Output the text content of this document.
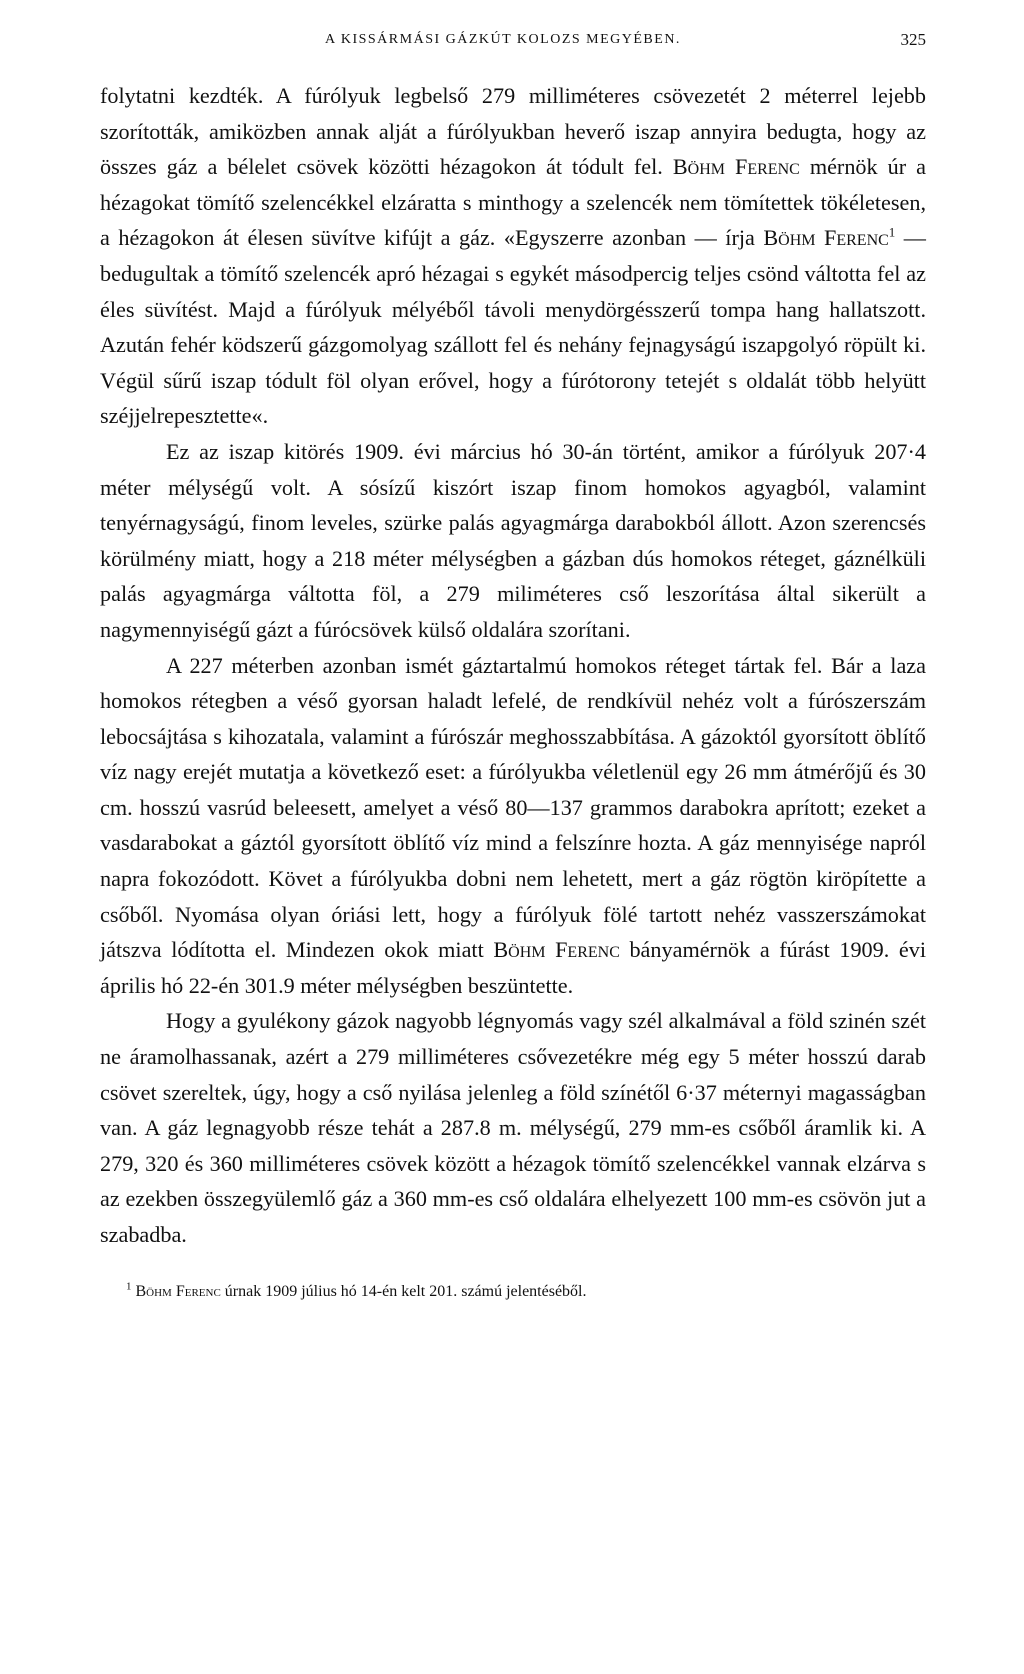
A KISSÁRMÁSI GÁZKÚT KOLOZS MEGYÉBEN.	325

folytatni kezdték. A fúrólyuk legbelső 279 milliméteres csövezetét 2 méterrel lejebb szorították, amiközben annak alját a fúrólyukban heverő iszap annyira bedugta, hogy az összes gáz a bélelet csövek közötti hézagokon át tódult fel. Böhm Ferenc mérnök úr a hézagokat tömítő szelencékkel elzáratta s minthogy a szelencék nem tömítettek tökéletesen, a hézagokon át élesen süvítve kifújt a gáz. «Egyszerre azonban — írja Böhm Ferenc$^1$ — bedugultak a tömítő szelencék apró hézagai s egykét másodpercig teljes csönd váltotta fel az éles süvítést. Majd a fúrólyuk mélyéből távoli menydörgésszerű tompa hang hallatszott. Azután fehér ködszerű gázgomolyag szállott fel és nehány fejnagyságú iszapgolyó röpült ki. Végül sűrű iszap tódult föl olyan erővel, hogy a fúrótorony tetejét s oldalát több helyütt széjjelrepesztette«.

Ez az iszap kitörés 1909. évi március hó 30-án történt, amikor a fúrólyuk 207·4 méter mélységű volt. A sósízű kiszórt iszap finom homokos agyagból, valamint tenyérnagyságú, finom leveles, szürke palás agyagmárga darabokból állott. Azon szerencsés körülmény miatt, hogy a 218 méter mélységben a gázban dús homokos réteget, gáznélküli palás agyagmárga váltotta föl, a 279 miliméteres cső leszorítása által sikerült a nagymennyiségű gázt a fúrócsövek külső oldalára szorítani.

A 227 méterben azonban ismét gáztartalmú homokos réteget tártak fel. Bár a laza homokos rétegben a véső gyorsan haladt lefelé, de rendkívül nehéz volt a fúrószerszám lebocsájtása s kihozatala, valamint a fúrószár meghosszabbítása. A gázoktól gyorsított öblítő víz nagy erejét mutatja a következő eset: a fúrólyukba véletlenül egy 26 mm átmérőjű és 30 cm. hosszú vasrúd beleesett, amelyet a véső 80—137 grammos darabokra aprított; ezeket a vasdarabokat a gáztól gyorsított öblítő víz mind a felszínre hozta. A gáz mennyisége napról napra fokozódott. Követ a fúrólyukba dobni nem lehetett, mert a gáz rögtön kiröpítette a csőből. Nyomása olyan óriási lett, hogy a fúrólyuk fölé tartott nehéz vasszerszámokat játszva lódította el. Mindezen okok miatt Böhm Ferenc bányamérnök a fúrást 1909. évi április hó 22-én 301.9 méter mélységben beszüntette.

Hogy a gyulékony gázok nagyobb légnyomás vagy szél alkalmával a föld szinén szét ne áramolhassanak, azért a 279 milliméteres csővezetékre még egy 5 méter hosszú darab csövet szereltek, úgy, hogy a cső nyilása jelenleg a föld színétől 6·37 méternyi magasságban van. A gáz legnagyobb része tehát a 287.8 m. mélységű, 279 mm-es csőből áramlik ki. A 279, 320 és 360 milliméteres csövek között a hézagok tömítő szelencékkel vannak elzárva s az ezekben összegyülemlő gáz a 360 mm-es cső oldalára elhelyezett 100 mm-es csövön jut a szabadba.

$^1$ Böhm Ferenc úrnak 1909 július hó 14-én kelt 201. számú jelentéséből.
